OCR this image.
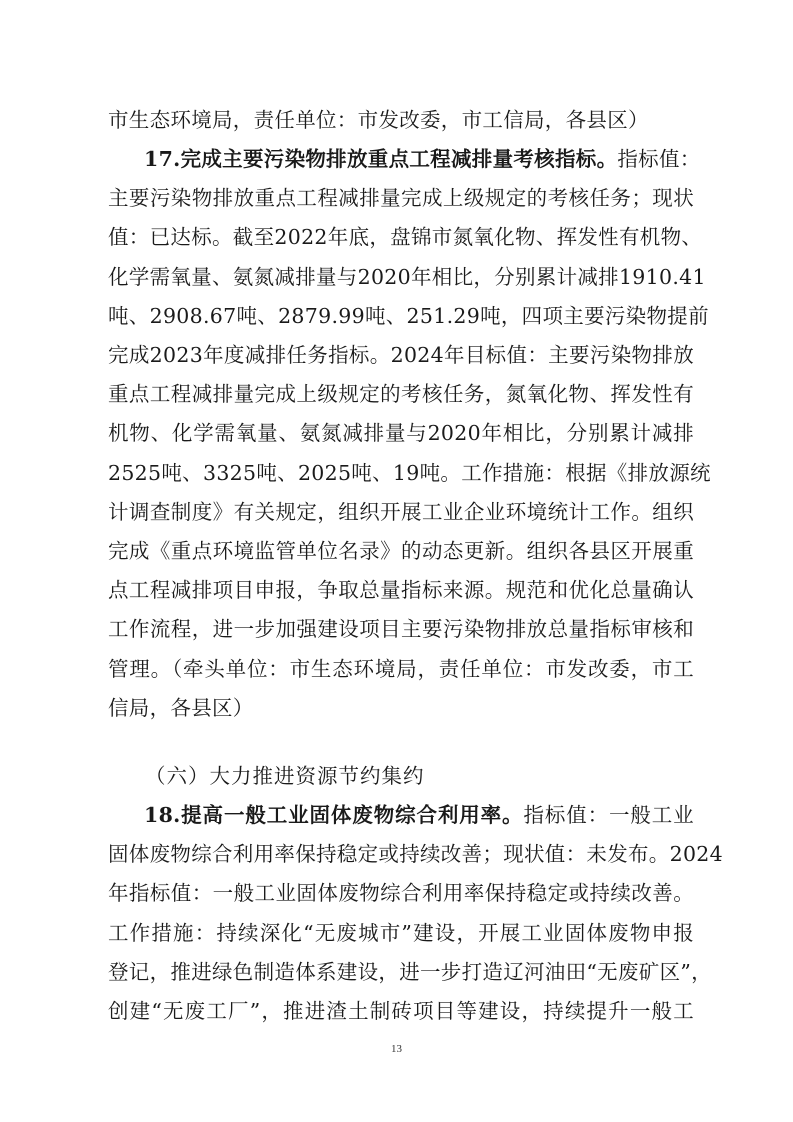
市生态环境局，责任单位：市发改委，市工信局，各县区）
17.完成主要污染物排放重点工程减排量考核指标。指标值：
主要污染物排放重点工程减排量完成上级规定的考核任务；现状
值：已达标。截至2022年底，盘锦市氮氧化物、挥发性有机物、
化学需氧量、氨氮减排量与2020年相比，分别累计减排1910.41
吨、2908.67吨、2879.99吨、251.29吨，四项主要污染物提前
完成2023年度减排任务指标。2024年目标值：主要污染物排放
重点工程减排量完成上级规定的考核任务，氮氧化物、挥发性有
机物、化学需氧量、氨氮减排量与2020年相比，分别累计减排
2525吨、3325吨、2025吨、19吨。工作措施：根据《排放源统
计调查制度》有关规定，组织开展工业企业环境统计工作。组织
完成《重点环境监管单位名录》的动态更新。组织各县区开展重
点工程减排项目申报，争取总量指标来源。规范和优化总量确认
工作流程，进一步加强建设项目主要污染物排放总量指标审核和
管理。（牵头单位：市生态环境局，责任单位：市发改委，市工
信局，各县区）
（六）大力推进资源节约集约
18.提高一般工业固体废物综合利用率。指标值：一般工业
固体废物综合利用率保持稳定或持续改善；现状值：未发布。2024
年指标值：一般工业固体废物综合利用率保持稳定或持续改善。
工作措施：持续深化“无废城市”建设，开展工业固体废物申报
登记，推进绿色制造体系建设，进一步打造辽河油田“无废矿区”，
创建“无废工厂”，推进渣土制砖项目等建设，持续提升一般工
13
